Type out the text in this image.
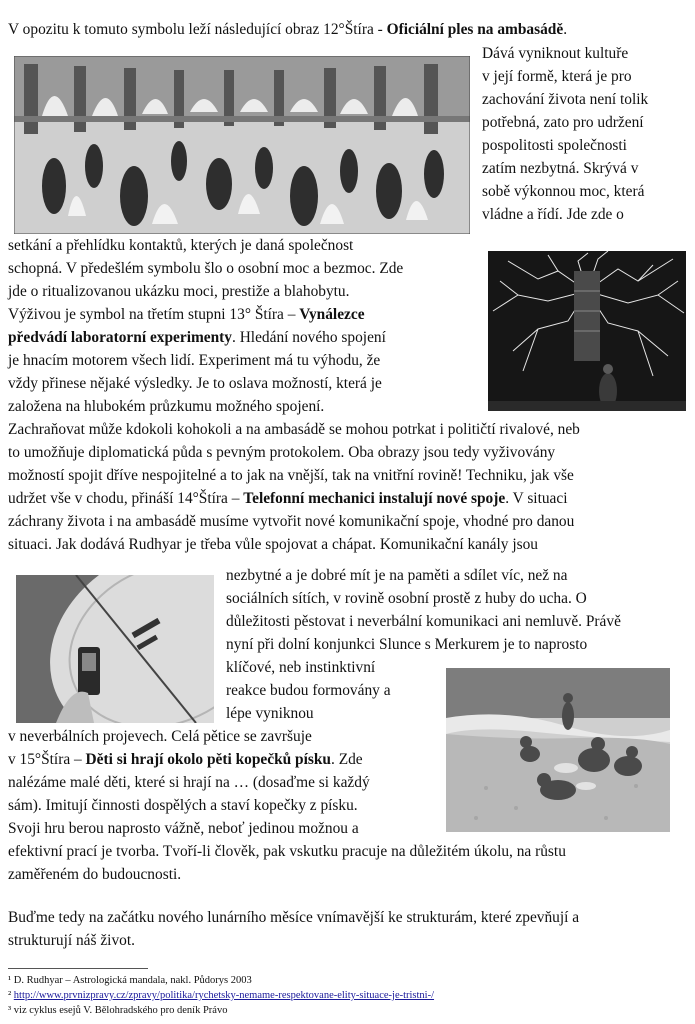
V opozitu k tomuto symbolu leží následující obraz 12°Štíra - Oficiální ples na ambasádě.
Dává vyniknout kultuře
v její formě, která je pro
zachování života není tolik
potřebná, zato pro udržení
pospolitosti společnosti
zatím nezbytná. Skrývá v
sobě výkonnou moc, která
vládne a řídí. Jde zde o
setkání a přehlídku kontaktů, kterých je daná společnost
schopná. V předešlém symbolu šlo o osobní moc a bezmoc. Zde
jde o ritualizovanou ukázku moci, prestiže a blahobytu.
Výživou je symbol na třetím stupni 13° Štíra – Vynálezce
předvádí laboratorní experimenty. Hledání nového spojení
je hnacím motorem všech lidí. Experiment má tu výhodu, že
vždy přinese nějaké výsledky. Je to oslava možností, která je
založena na hlubokém průzkumu možného spojení.
Zachraňovat může kdokoli kohokoli a na ambasádě se mohou potrkat i političtí rivalové, neb
to umožňuje diplomatická půda s pevným protokolem. Oba obrazy jsou tedy vyživovány
možností spojit dříve nespojitelné a to jak na vnější, tak na vnitřní rovině! Techniku, jak vše
udržet vše v chodu, přináší 14°Štíra – Telefonní mechanici instalují nové spoje. V situaci
záchrany života i na ambasádě musíme vytvořit nové komunikační spoje, vhodné pro danou
situaci. Jak dodává Rudhyar je třeba vůle spojovat a chápat. Komunikační kanály jsou
nezbytné a je dobré mít je na paměti a sdílet víc, než na
sociálních sítích, v rovině osobní prostě z huby do ucha. O
důležitosti pěstovat i neverbální komunikaci ani nemluvě. Právě
nyní při dolní konjunkci Slunce s Merkurem je to naprosto
klíčové, neb instinktivní
reakce budou formovány a
lépe vyniknou
v neverbálních projevech. Celá pětice se završuje
v 15°Štíra – Děti si hrají okolo pěti kopečků písku. Zde
nalézáme malé děti, které si hrají na … (dosaďme si každý
sám). Imitují činnosti dospělých a staví kopečky z písku.
Svoji hru berou naprosto vážně, neboť jedinou možnou a
efektivní prací je tvorba. Tvoří-li člověk, pak vskutku pracuje na důležitém úkolu, na růstu
zaměřeném do budoucnosti.
Buďme tedy na začátku nového lunárního měsíce vnímavější ke strukturám, které zpevňují a
strukturují náš život.
¹ D. Rudhyar – Astrologická mandala, nakl. Půdorys 2003
² http://www.prvnizpravy.cz/zpravy/politika/rychetsky-nemame-respektovane-elity-situace-je-tristni-/
³ viz cyklus esejů V. Bělohradského pro deník Právo
